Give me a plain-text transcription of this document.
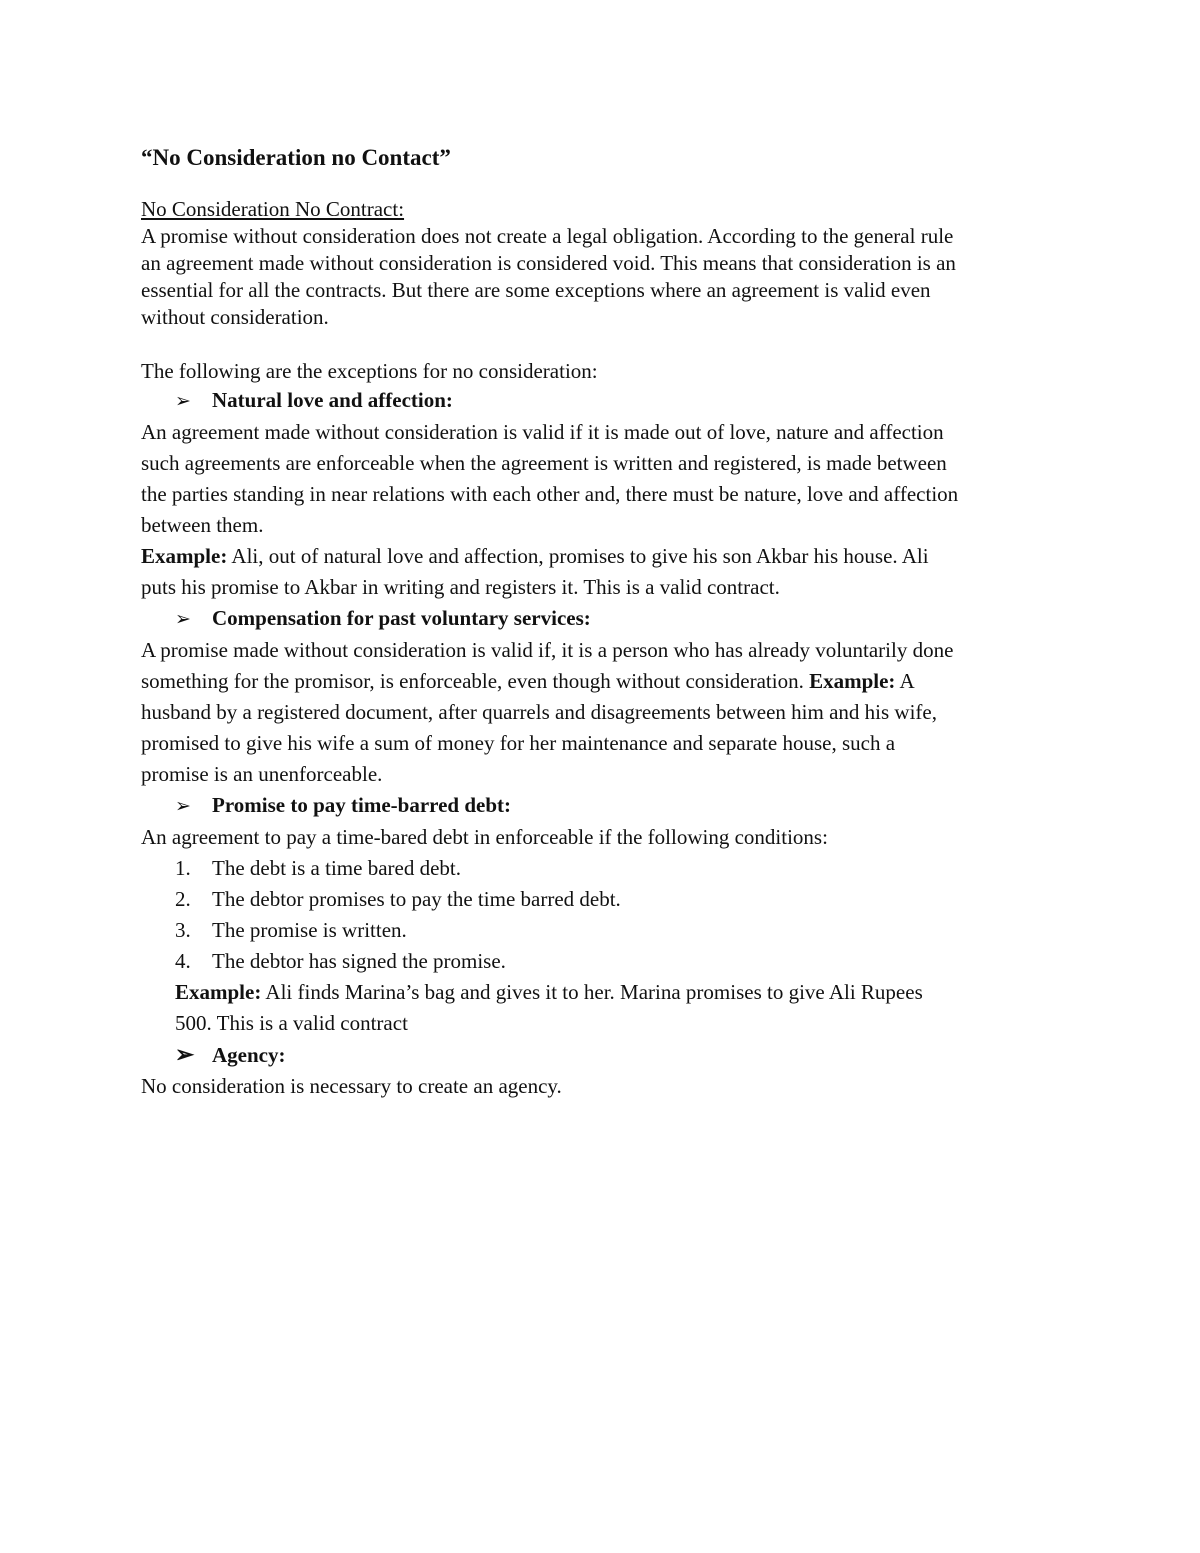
“No Consideration no Contact”
No Consideration No Contract:
A promise without consideration does not create a legal obligation. According to the general rule
an agreement made without consideration is considered void. This means that consideration is an
essential for all the contracts. But there are some exceptions where an agreement is valid even
without consideration.
The following are the exceptions for no consideration:
➢	Natural love and affection:
An agreement made without consideration is valid if it is made out of love, nature and affection
such agreements are enforceable when the agreement is written and registered, is made between
the parties standing in near relations with each other and, there must be nature, love and affection
between them.
Example: Ali, out of natural love and affection, promises to give his son Akbar his house. Ali
puts his promise to Akbar in writing and registers it. This is a valid contract.
➢	Compensation for past voluntary services:
A promise made without consideration is valid if, it is a person who has already voluntarily done
something for the promisor, is enforceable, even though without consideration. Example: A
husband by a registered document, after quarrels and disagreements between him and his wife,
promised to give his wife a sum of money for her maintenance and separate house, such a
promise is an unenforceable.
➢	Promise to pay time-barred debt:
An agreement to pay a time-bared debt in enforceable if the following conditions:
1.	The debt is a time bared debt.
2.	The debtor promises to pay the time barred debt.
3.	The promise is written.
4.	The debtor has signed the promise.
Example: Ali finds Marina’s bag and gives it to her. Marina promises to give Ali Rupees
500. This is a valid contract
➢ Agency:
No consideration is necessary to create an agency.
